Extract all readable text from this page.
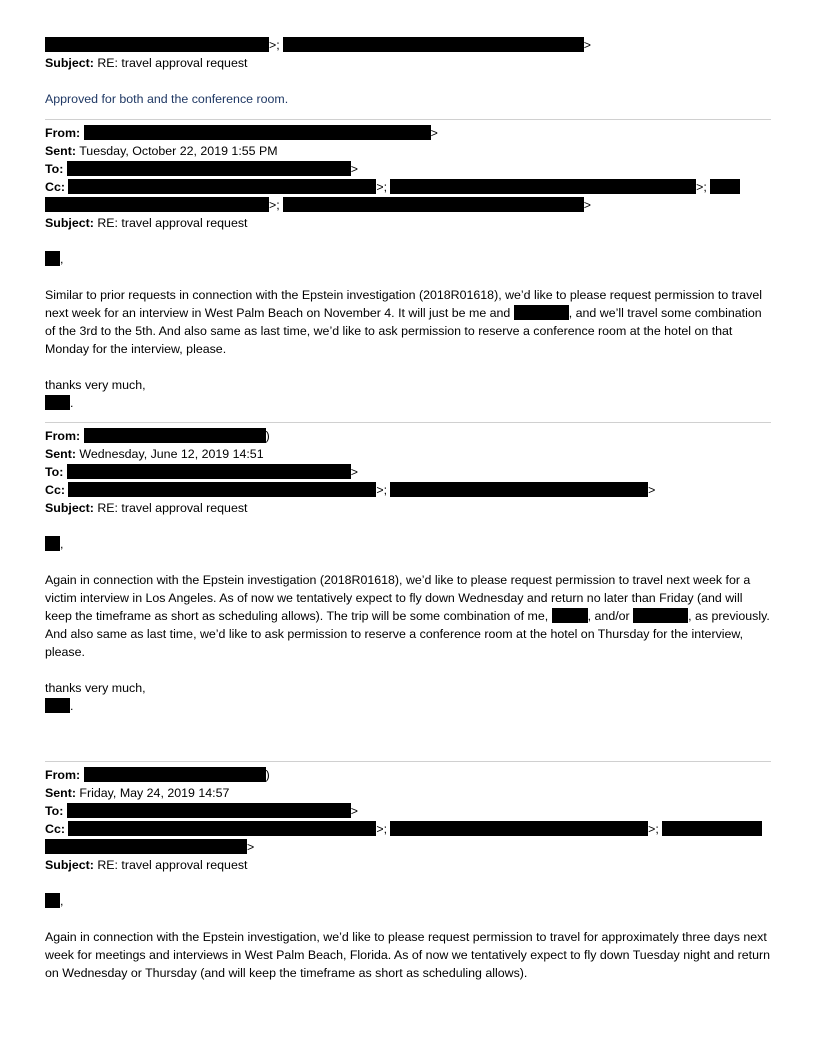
>;	>
Subject: RE: travel approval request
Approved for both and the conference room.
From:	>
Sent: Tuesday, October 22, 2019 1:55 PM
To:	>
Cc:	>;	>;
>;	>
Subject: RE: travel approval request
,
Similar to prior requests in connection with the Epstein investigation (2018R01618), we’d like to please request permission to travel next week for an interview in West Palm Beach on November 4. It will just be me and	, and we’ll travel some combination of the 3rd to the 5th. And also same as last time, we’d like to ask permission to reserve a conference room at the hotel on that Monday for the interview, please.
thanks very much,
.
From:	)
Sent: Wednesday, June 12, 2019 14:51
To:	>
Cc:	>;	>
Subject: RE: travel approval request
,
Again in connection with the Epstein investigation (2018R01618), we’d like to please request permission to travel next week for a victim interview in Los Angeles. As of now we tentatively expect to fly down Wednesday and return no later than Friday (and will keep the timeframe as short as scheduling allows). The trip will be some combination of me,	, and/or	, as previously. And also same as last time, we’d like to ask permission to reserve a conference room at the hotel on Thursday for the interview, please.
thanks very much,
.
From:	)
Sent: Friday, May 24, 2019 14:57
To:	>
Cc:	>;	>;
>
Subject: RE: travel approval request
,
Again in connection with the Epstein investigation, we’d like to please request permission to travel for approximately three days next week for meetings and interviews in West Palm Beach, Florida. As of now we tentatively expect to fly down Tuesday night and return on Wednesday or Thursday (and will keep the timeframe as short as scheduling allows).
